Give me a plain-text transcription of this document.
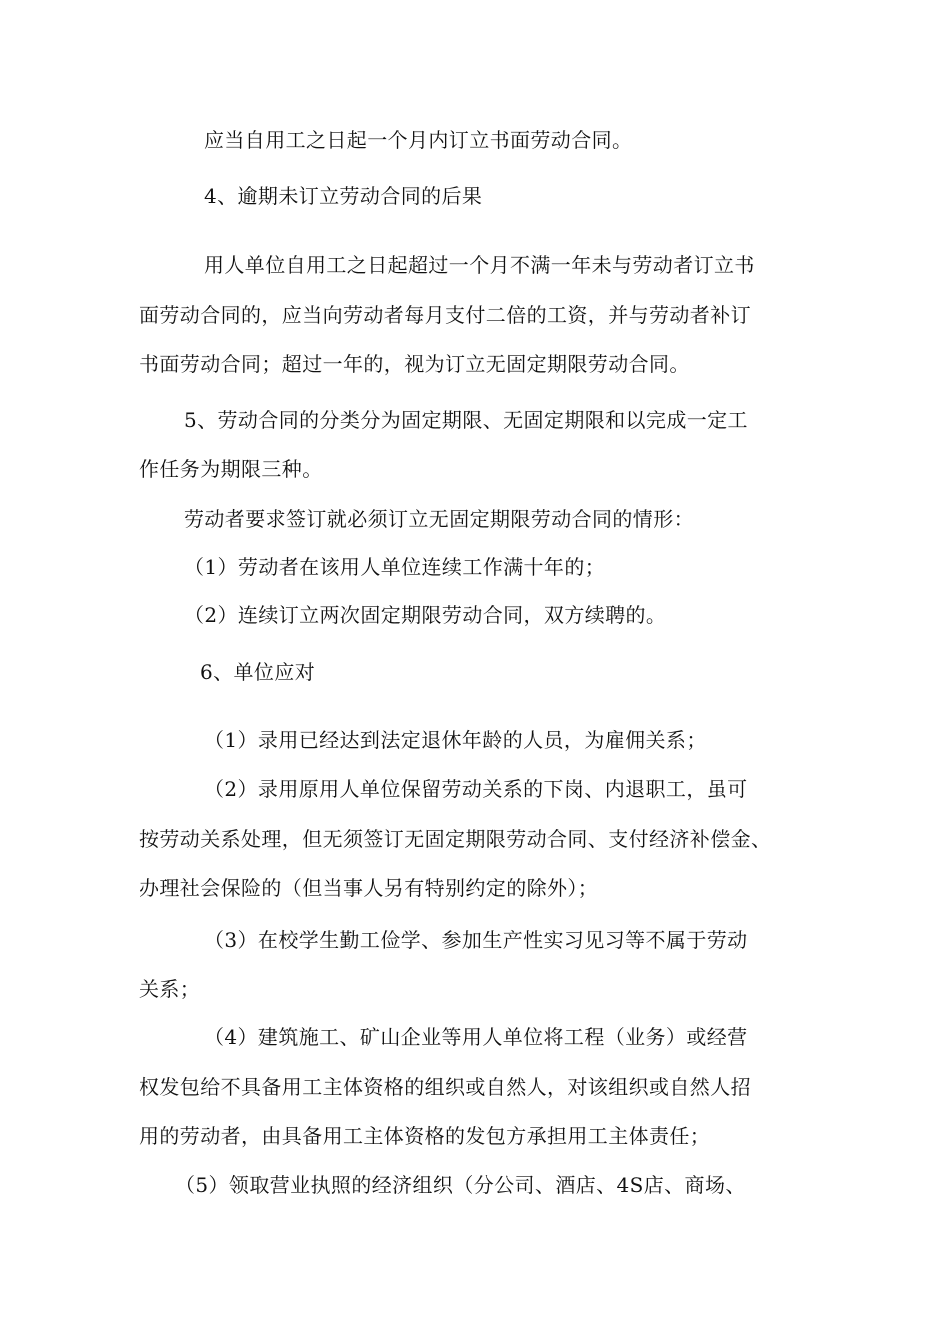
应当自用工之日起一个月内订立书面劳动合同。
4、逾期未订立劳动合同的后果
用人单位自用工之日起超过一个月不满一年未与劳动者订立书
面劳动合同的，应当向劳动者每月支付二倍的工资，并与劳动者补订
书面劳动合同；超过一年的，视为订立无固定期限劳动合同。
5、劳动合同的分类分为固定期限、无固定期限和以完成一定工
作任务为期限三种。
劳动者要求签订就必须订立无固定期限劳动合同的情形：
（1）劳动者在该用人单位连续工作满十年的；
（2）连续订立两次固定期限劳动合同，双方续聘的。
6、单位应对
（1）录用已经达到法定退休年龄的人员，为雇佣关系；
（2）录用原用人单位保留劳动关系的下岗、内退职工，虽可
按劳动关系处理，但无须签订无固定期限劳动合同、支付经济补偿金、
办理社会保险的（但当事人另有特别约定的除外）；
（3）在校学生勤工俭学、参加生产性实习见习等不属于劳动
关系；
（4）建筑施工、矿山企业等用人单位将工程（业务）或经营
权发包给不具备用工主体资格的组织或自然人，对该组织或自然人招
用的劳动者，由具备用工主体资格的发包方承担用工主体责任；
（5）领取营业执照的经济组织（分公司、酒店、4S店、商场、
